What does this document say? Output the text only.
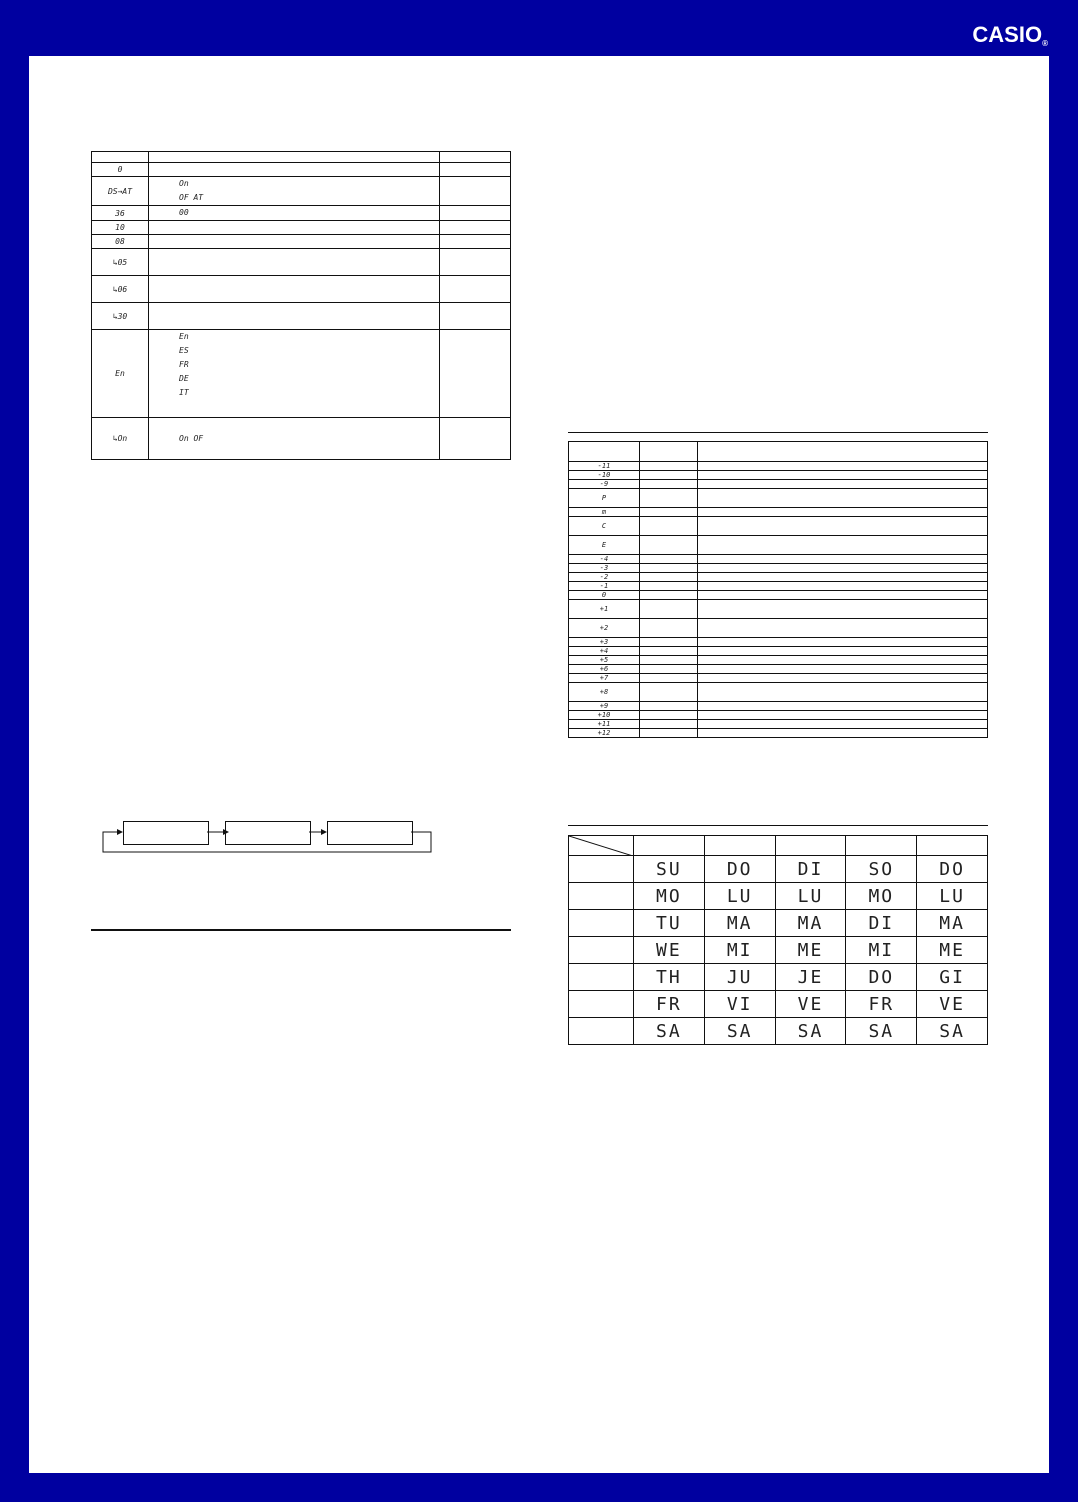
CASIO®

0		
DS→AT	On
OF AT	

36	00	

10		
08		
↳05		
↳06		
↳30		
En	En
ES
FR
DE
IT	

↳On	On OF	

-11		
-10		
-9		
P		
m		
C		
E		
-4		
-3		
-2		
-1		
0		
+1		
+2		
+3		
+4		
+5		
+6		
+7		
+8		
+9		
+10		
+11		
+12		

	SU	DO	DI	SO	DO
	MO	LU	LU	MO	LU
	TU	MA	MA	DI	MA
	WE	MI	ME	MI	ME
	TH	JU	JE	DO	GI
	FR	VI	VE	FR	VE
	SA	SA	SA	SA	SA
